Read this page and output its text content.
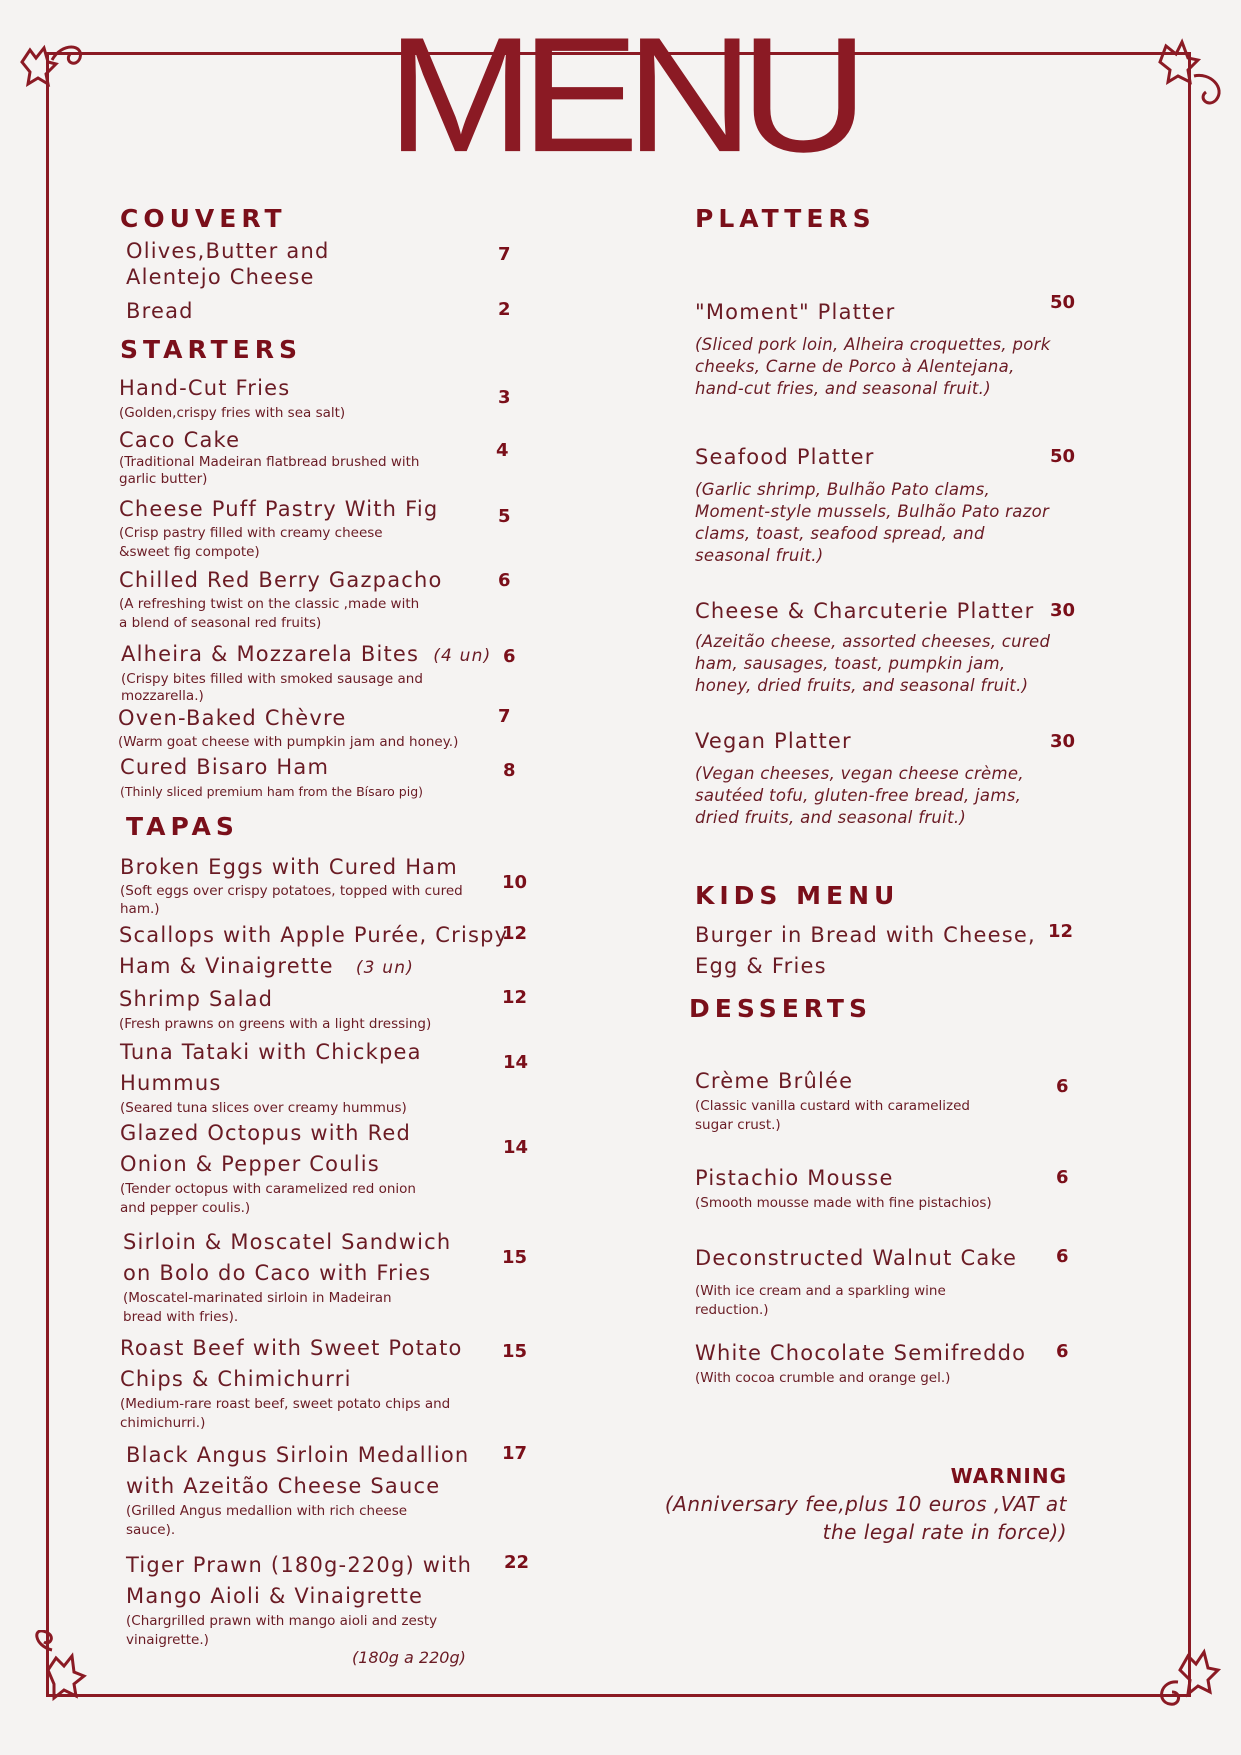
MENU
COUVERT
Olives,Butter and
Alentejo Cheese
7
Bread	2
STARTERS
Hand-Cut Fries
(Golden,crispy fries with sea salt)
3
Caco Cake
(Traditional Madeiran flatbread brushed with
garlic butter)
4
Cheese Puff Pastry With Fig
(Crisp pastry filled with creamy cheese
&sweet fig compote)
5
Chilled Red Berry Gazpacho
(A refreshing twist on the classic ,made with
a blend of seasonal red fruits)
6
Alheira & Mozzarela Bites (4 un)
(Crispy bites filled with smoked sausage and
mozzarella.)
6
Oven-Baked Chèvre
(Warm goat cheese with pumpkin jam and honey.)
7
Cured Bisaro Ham
(Thinly sliced premium ham from the Bísaro pig)
8
TAPAS
Broken Eggs with Cured Ham
(Soft eggs over crispy potatoes, topped with cured
ham.)
10
Scallops with Apple Purée, Crispy
Ham & Vinaigrette (3 un)
12
Shrimp Salad
(Fresh prawns on greens with a light dressing)
12
Tuna Tataki with Chickpea
Hummus
(Seared tuna slices over creamy hummus)
14
Glazed Octopus with Red
Onion & Pepper Coulis
(Tender octopus with caramelized red onion
and pepper coulis.)
14
Sirloin & Moscatel Sandwich
on Bolo do Caco with Fries
(Moscatel-marinated sirloin in Madeiran
bread with fries).
15
Roast Beef with Sweet Potato
Chips & Chimichurri
(Medium-rare roast beef, sweet potato chips and
chimichurri.)
15
Black Angus Sirloin Medallion
with Azeitão Cheese Sauce
(Grilled Angus medallion with rich cheese
sauce).
17
Tiger Prawn (180g-220g) with
Mango Aioli & Vinaigrette
(Chargrilled prawn with mango aioli and zesty
vinaigrette.)
22
(180g a 220g)
PLATTERS
"Moment" Platter
(Sliced pork loin, Alheira croquettes, pork
cheeks, Carne de Porco à Alentejana,
hand-cut fries, and seasonal fruit.)
50
Seafood Platter
(Garlic shrimp, Bulhão Pato clams,
Moment-style mussels, Bulhão Pato razor
clams, toast, seafood spread, and
seasonal fruit.)
50
Cheese & Charcuterie Platter
(Azeitão cheese, assorted cheeses, cured
ham, sausages, toast, pumpkin jam,
honey, dried fruits, and seasonal fruit.)
30
Vegan Platter
(Vegan cheeses, vegan cheese crème,
sautéed tofu, gluten-free bread, jams,
dried fruits, and seasonal fruit.)
30
KIDS MENU
Burger in Bread with Cheese,
Egg & Fries
12
DESSERTS
Crème Brûlée
(Classic vanilla custard with caramelized
sugar crust.)
6
Pistachio Mousse
(Smooth mousse made with fine pistachios)
6
Deconstructed Walnut Cake
(With ice cream and a sparkling wine
reduction.)
6
White Chocolate Semifreddo
(With cocoa crumble and orange gel.)
6
WARNING
(Anniversary fee,plus 10 euros ,VAT at the legal rate in force))
